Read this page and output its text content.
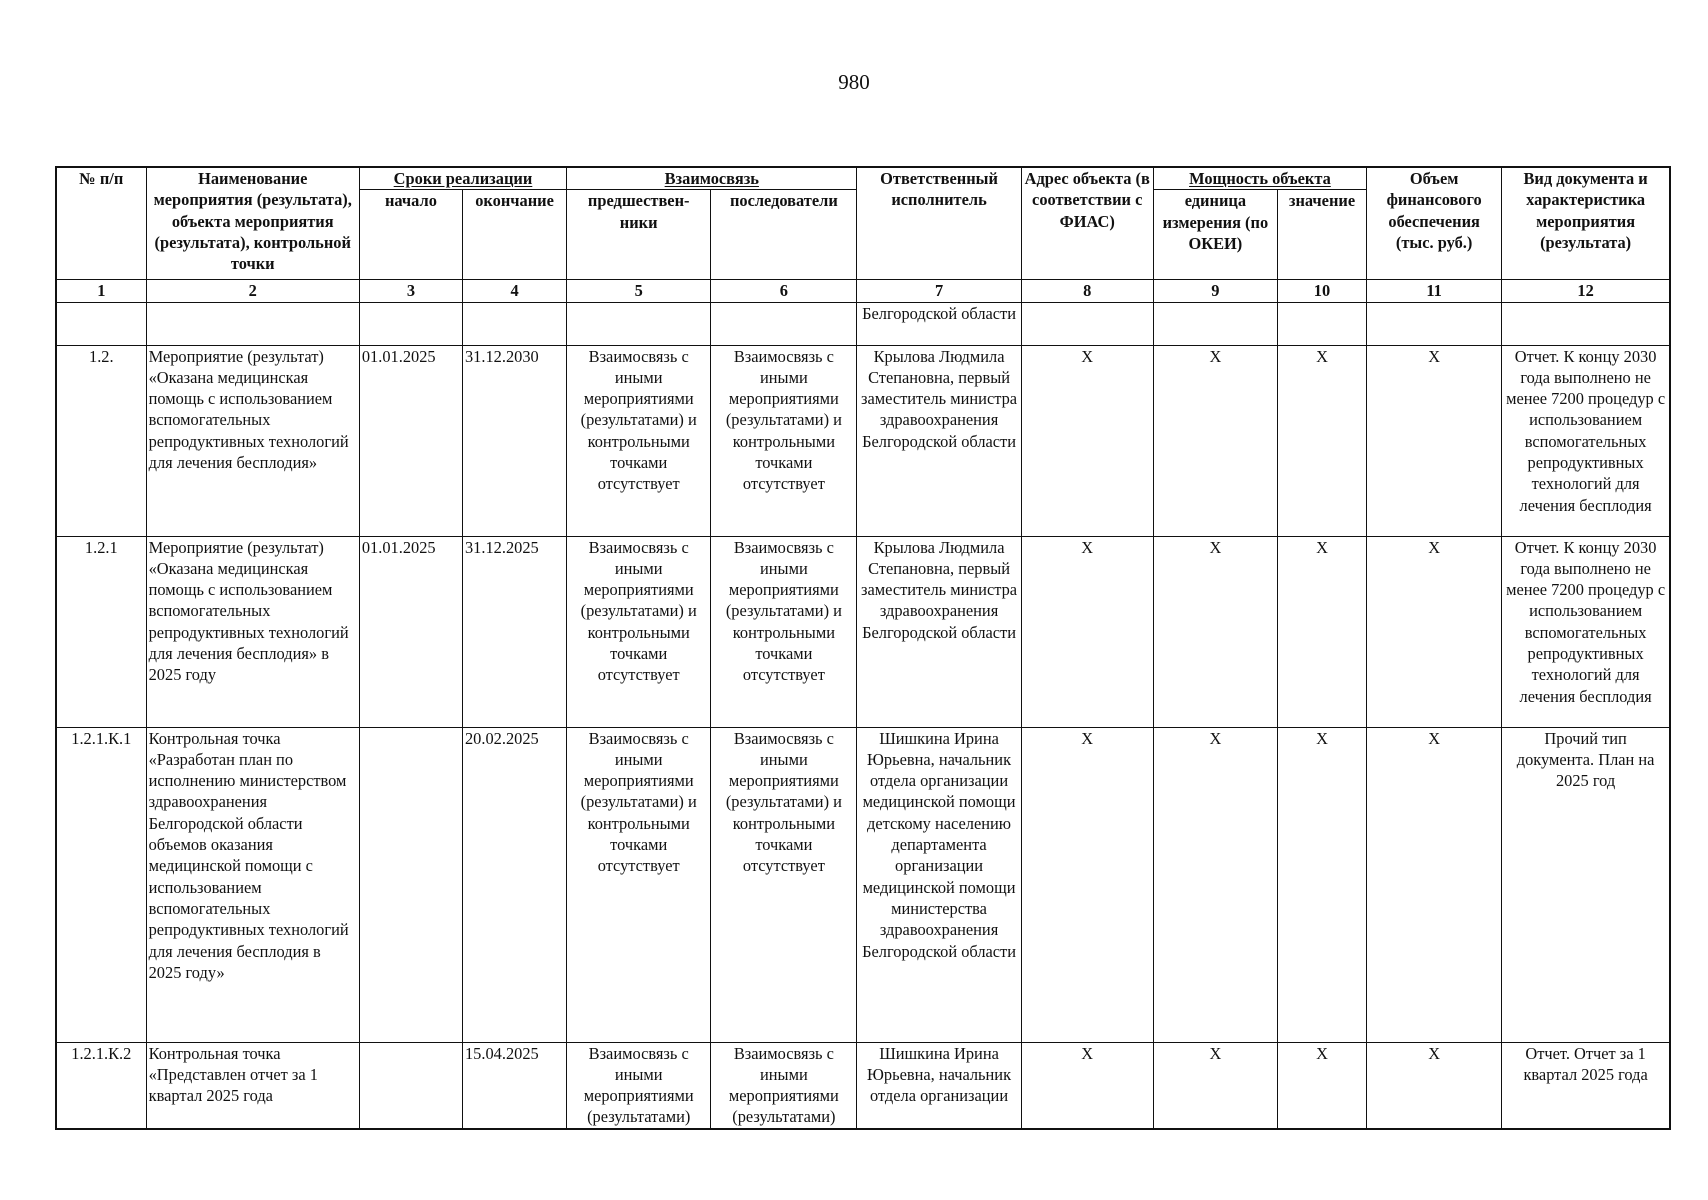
980
№ п/п	Наименование мероприятия (результата), объекта мероприятия (результата), контрольной точки	Сроки реализации		Взаимосвязь		Ответственный исполнитель	Адрес объекта (в соответствии с ФИАС)	Мощность объекта		Объем финансового обеспечения (тыс. руб.)	Вид документа и характеристика мероприятия (результата)
		начало	окончание	предшествен-ники	последователи			единица измерения (по ОКЕИ)	значение		
1	2	3	4	5	6	7	8	9	10	11	12
						Белгородской области					
1.2.	Мероприятие (результат) «Оказана медицинская помощь с использованием вспомогательных репродуктивных технологий для лечения бесплодия»	01.01.2025	31.12.2030	Взаимосвязь с иными мероприятиями (результатами) и контрольными точками отсутствует	Взаимосвязь с иными мероприятиями (результатами) и контрольными точками отсутствует	Крылова Людмила Степановна, первый заместитель министра здравоохранения Белгородской области	Х	Х	Х	Х	Отчет. К концу 2030 года выполнено не менее 7200 процедур с использованием вспомогательных репродуктивных технологий для лечения бесплодия
1.2.1	Мероприятие (результат) «Оказана медицинская помощь с использованием вспомогательных репродуктивных технологий для лечения бесплодия» в 2025 году	01.01.2025	31.12.2025	Взаимосвязь с иными мероприятиями (результатами) и контрольными точками отсутствует	Взаимосвязь с иными мероприятиями (результатами) и контрольными точками отсутствует	Крылова Людмила Степановна, первый заместитель министра здравоохранения Белгородской области	Х	Х	Х	Х	Отчет. К концу 2030 года выполнено не менее 7200 процедур с использованием вспомогательных репродуктивных технологий для лечения бесплодия
1.2.1.К.1	Контрольная точка «Разработан план по исполнению министерством здравоохранения Белгородской области объемов оказания медицинской помощи с использованием вспомогательных репродуктивных технологий для лечения бесплодия в 2025 году»		20.02.2025	Взаимосвязь с иными мероприятиями (результатами) и контрольными точками отсутствует	Взаимосвязь с иными мероприятиями (результатами) и контрольными точками отсутствует	Шишкина Ирина Юрьевна, начальник отдела организации медицинской помощи детскому населению департамента организации медицинской помощи министерства здравоохранения Белгородской области	Х	Х	Х	Х	Прочий тип документа. План на 2025 год
1.2.1.К.2	Контрольная точка «Представлен отчет за 1 квартал 2025 года		15.04.2025	Взаимосвязь с иными мероприятиями (результатами)	Взаимосвязь с иными мероприятиями (результатами)	Шишкина Ирина Юрьевна, начальник отдела организации	Х	Х	Х	Х	Отчет. Отчет за 1 квартал 2025 года
